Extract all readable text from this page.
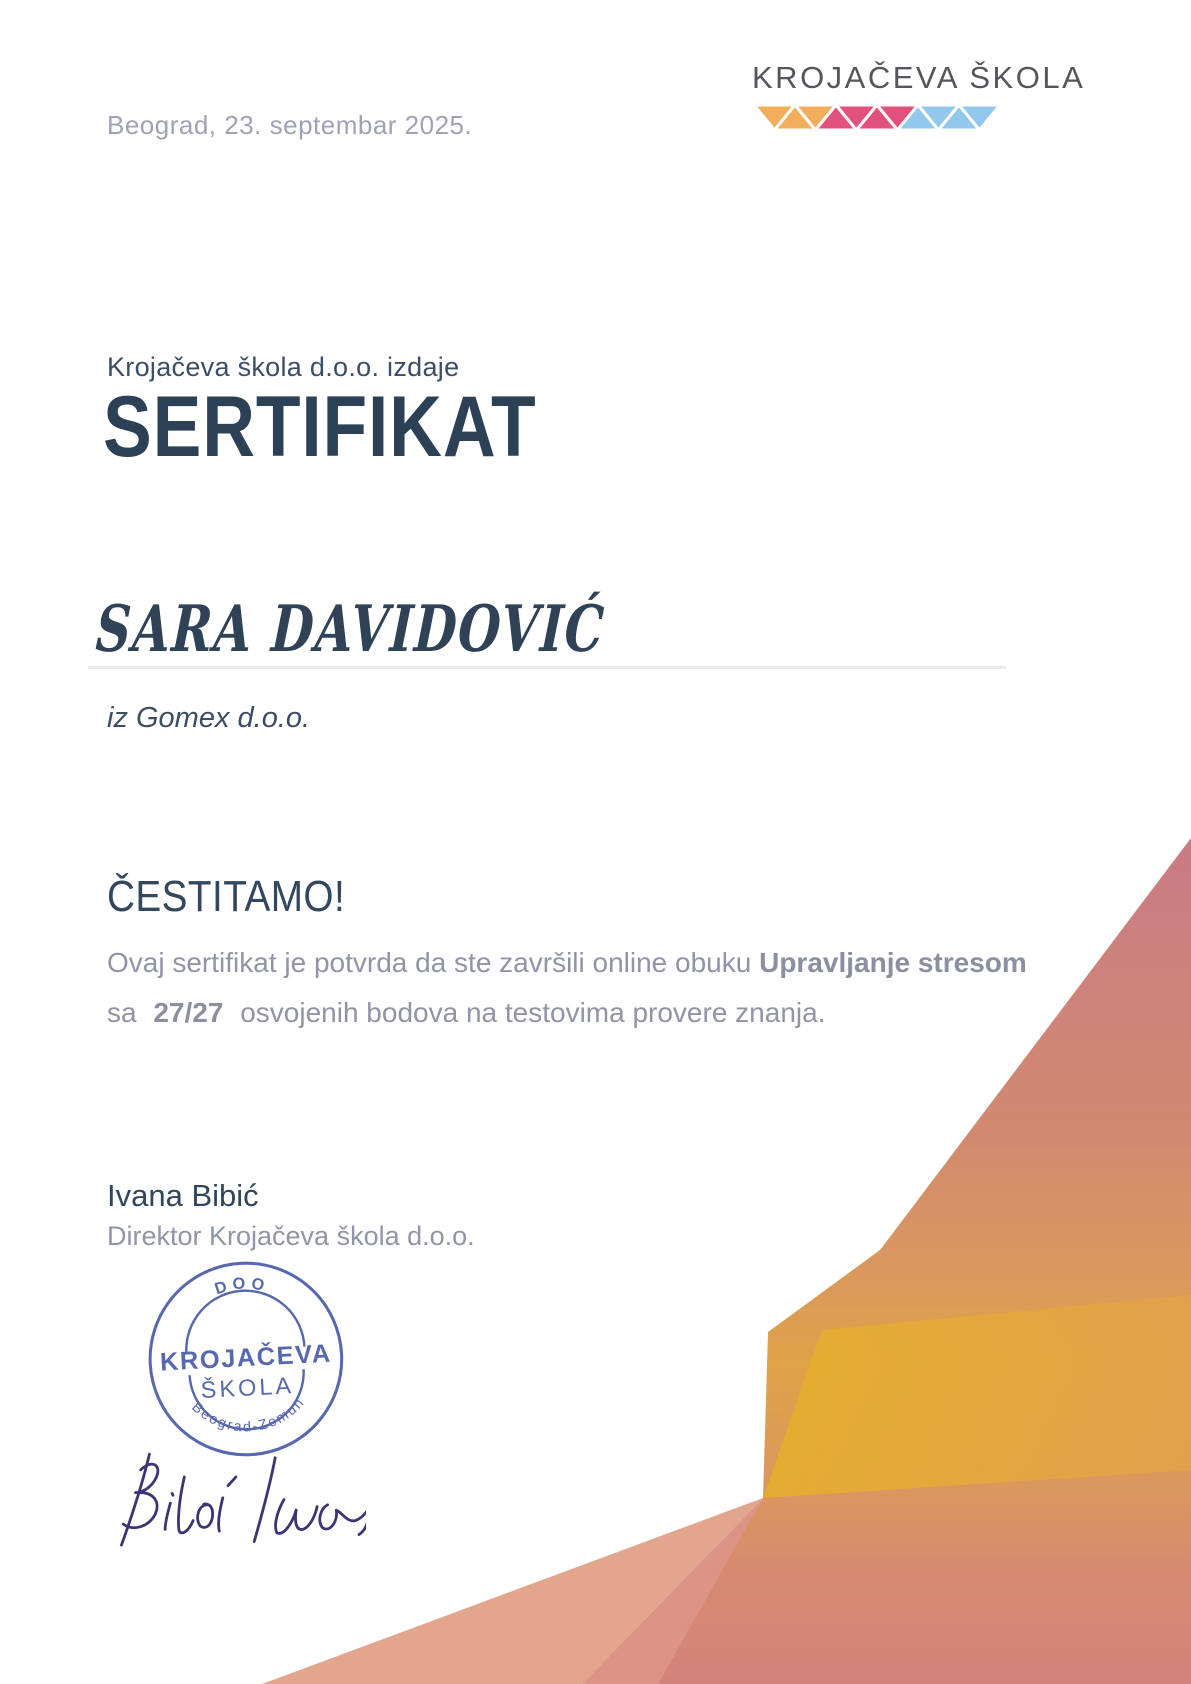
Beograd, 23. septembar 2025.
KROJAČEVA ŠKOLA
Krojačeva škola d.o.o. izdaje
SERTIFIKAT
SARA DAVIDOVIĆ
iz Gomex d.o.o.
ČESTITAMO!

Ovaj sertifikat je potvrda da ste završili online obuku Upravljanje stresom sa 27/27 osvojenih bodova na testovima provere znanja.

Ivana Bibić
Direktor Krojačeva škola d.o.o.
DOO
KROJAČEVA
ŠKOLA
Beograd-Zemun
